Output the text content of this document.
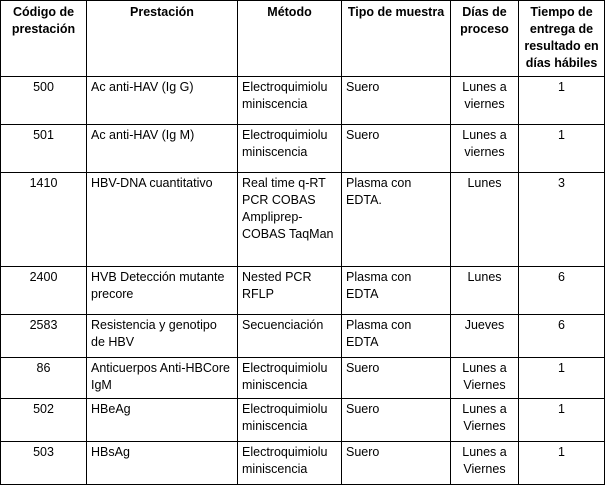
Código de prestación	Prestación	Método	Tipo de muestra	Días de proceso	Tiempo de entrega de resultado en días hábiles
500	Ac anti-HAV (Ig G)	Electroquimioluminiscencia	Suero	Lunes a viernes	1
501	Ac anti-HAV (Ig M)	Electroquimioluminiscencia	Suero	Lunes a viernes	1
1410	HBV-DNA cuantitativo	Real time q-RT PCR COBAS Ampliprep-COBAS TaqMan	Plasma con EDTA.	Lunes	3
2400	HVB Detección mutante precore	Nested PCR RFLP	Plasma con EDTA	Lunes	6
2583	Resistencia y genotipo de HBV	Secuenciación	Plasma con EDTA	Jueves	6
86	Anticuerpos Anti-HBCore IgM	Electroquimioluminiscencia	Suero	Lunes a Viernes	1
502	HBeAg	Electroquimioluminiscencia	Suero	Lunes a Viernes	1
503	HBsAg	Electroquimioluminiscencia	Suero	Lunes a Viernes	1
